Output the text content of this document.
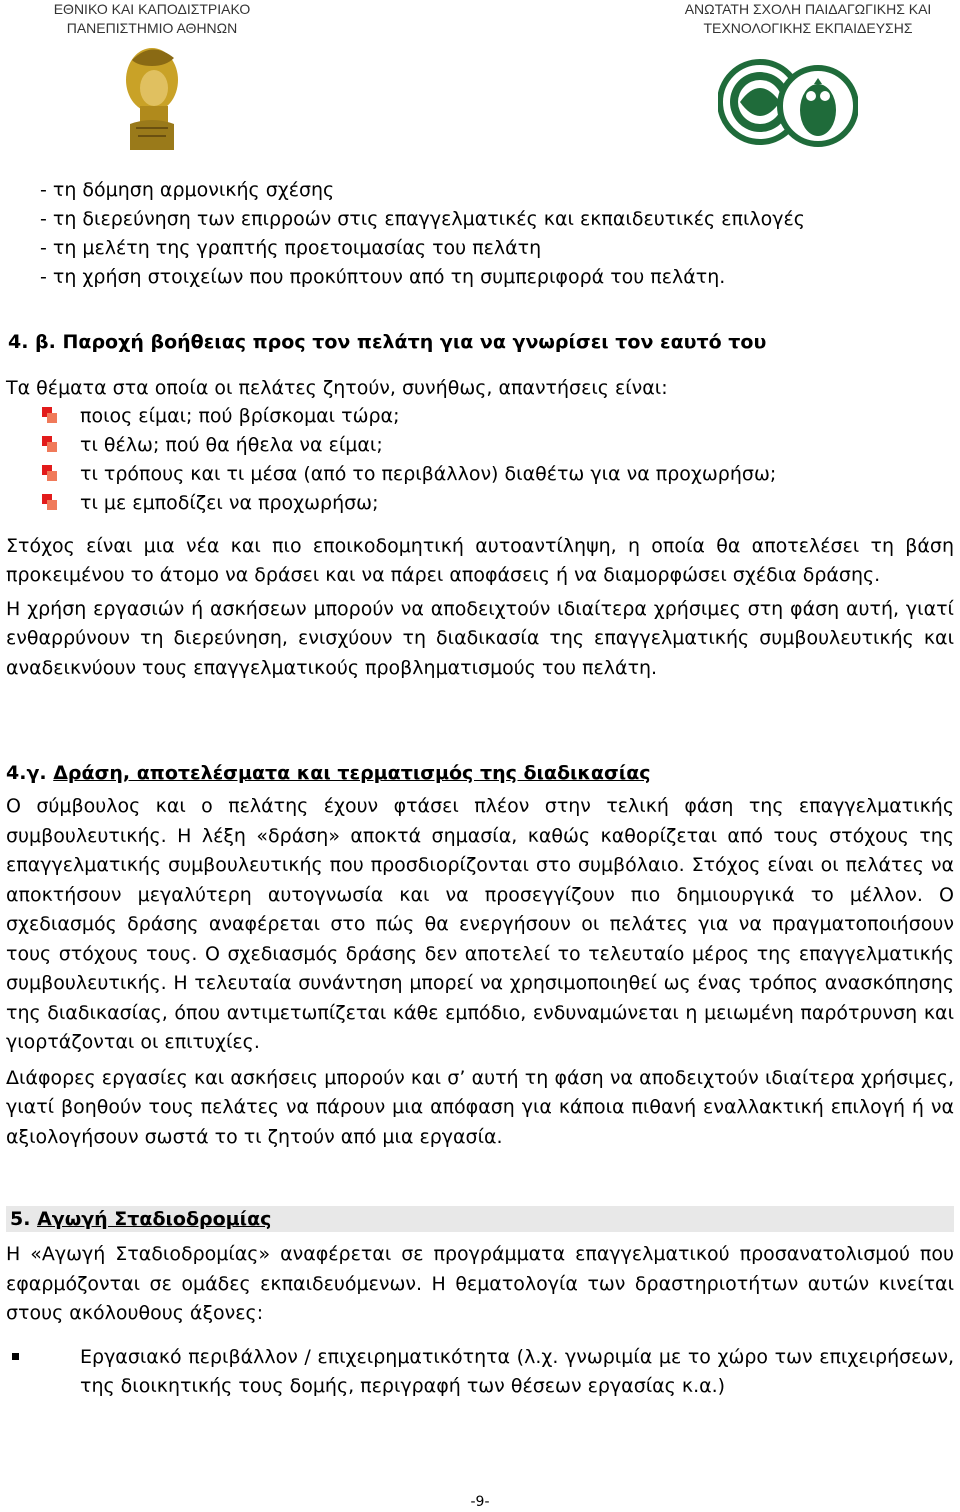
ΕΘΝΙΚΟ ΚΑΙ ΚΑΠΟΔΙΣΤΡΙΑΚΟ
ΠΑΝΕΠΙΣΤΗΜΙΟ ΑΘΗΝΩΝ
ΑΝΩΤΑΤΗ ΣΧΟΛΗ ΠΑΙΔΑΓΩΓΙΚΗΣ ΚΑΙ
ΤΕΧΝΟΛΟΓΙΚΗΣ ΕΚΠΑΙΔΕΥΣΗΣ
- τη δόμηση αρμονικής σχέσης
- τη διερεύνηση των επιρροών στις επαγγελματικές και εκπαιδευτικές επιλογές
- τη μελέτη της γραπτής προετοιμασίας του πελάτη
- τη χρήση στοιχείων που προκύπτουν από τη συμπεριφορά του πελάτη.
4. β. Παροχή βοήθειας προς τον πελάτη για να γνωρίσει τον εαυτό του
Τα θέματα στα οποία οι πελάτες ζητούν, συνήθως, απαντήσεις είναι:
ποιος είμαι; πού βρίσκομαι τώρα;
τι θέλω; πού θα ήθελα να είμαι;
τι τρόπους και τι μέσα (από το περιβάλλον) διαθέτω για να προχωρήσω;
τι με εμποδίζει να προχωρήσω;
Στόχος είναι μια νέα και πιο εποικοδομητική αυτοαντίληψη, η οποία θα αποτελέσει τη βάση προκειμένου το άτομο να δράσει και να πάρει αποφάσεις ή να διαμορφώσει σχέδια δράσης.
Η χρήση εργασιών ή ασκήσεων μπορούν να αποδειχτούν ιδιαίτερα χρήσιμες στη φάση αυτή, γιατί ενθαρρύνουν τη διερεύνηση, ενισχύουν τη διαδικασία της επαγγελματικής συμβουλευτικής και αναδεικνύουν τους επαγγελματικούς προβληματισμούς του πελάτη.
4.γ. Δράση, αποτελέσματα και τερματισμός της διαδικασίας
Ο σύμβουλος και ο πελάτης έχουν φτάσει πλέον στην τελική φάση της επαγγελματικής συμβουλευτικής. Η λέξη «δράση» αποκτά σημασία, καθώς καθορίζεται από τους στόχους της επαγγελματικής συμβουλευτικής που προσδιορίζονται στο συμβόλαιο. Στόχος είναι οι πελάτες να αποκτήσουν μεγαλύτερη αυτογνωσία και να προσεγγίζουν πιο δημιουργικά το μέλλον. Ο σχεδιασμός δράσης αναφέρεται στο πώς θα ενεργήσουν οι πελάτες για να πραγματοποιήσουν τους στόχους τους. Ο σχεδιασμός δράσης δεν αποτελεί το τελευταίο μέρος της επαγγελματικής συμβουλευτικής. Η τελευταία συνάντηση μπορεί να χρησιμοποιηθεί ως ένας τρόπος ανασκόπησης της διαδικασίας, όπου αντιμετωπίζεται κάθε εμπόδιο, ενδυναμώνεται η μειωμένη παρότρυνση και γιορτάζονται οι επιτυχίες.
Διάφορες εργασίες και ασκήσεις μπορούν και σ’ αυτή τη φάση να αποδειχτούν ιδιαίτερα χρήσιμες, γιατί βοηθούν τους πελάτες να πάρουν μια απόφαση για κάποια πιθανή εναλλακτική επιλογή ή να αξιολογήσουν σωστά το τι ζητούν από μια εργασία.
5. Αγωγή Σταδιοδρομίας
Η «Αγωγή Σταδιοδρομίας» αναφέρεται σε προγράμματα επαγγελματικού προσανατολισμού που εφαρμόζονται σε ομάδες εκπαιδευόμενων. Η θεματολογία των δραστηριοτήτων αυτών κινείται στους ακόλουθους άξονες:
Εργασιακό περιβάλλον / επιχειρηματικότητα (λ.χ. γνωριμία με το χώρο των επιχειρήσεων, της διοικητικής τους δομής, περιγραφή των θέσεων εργασίας κ.α.)
-9-
